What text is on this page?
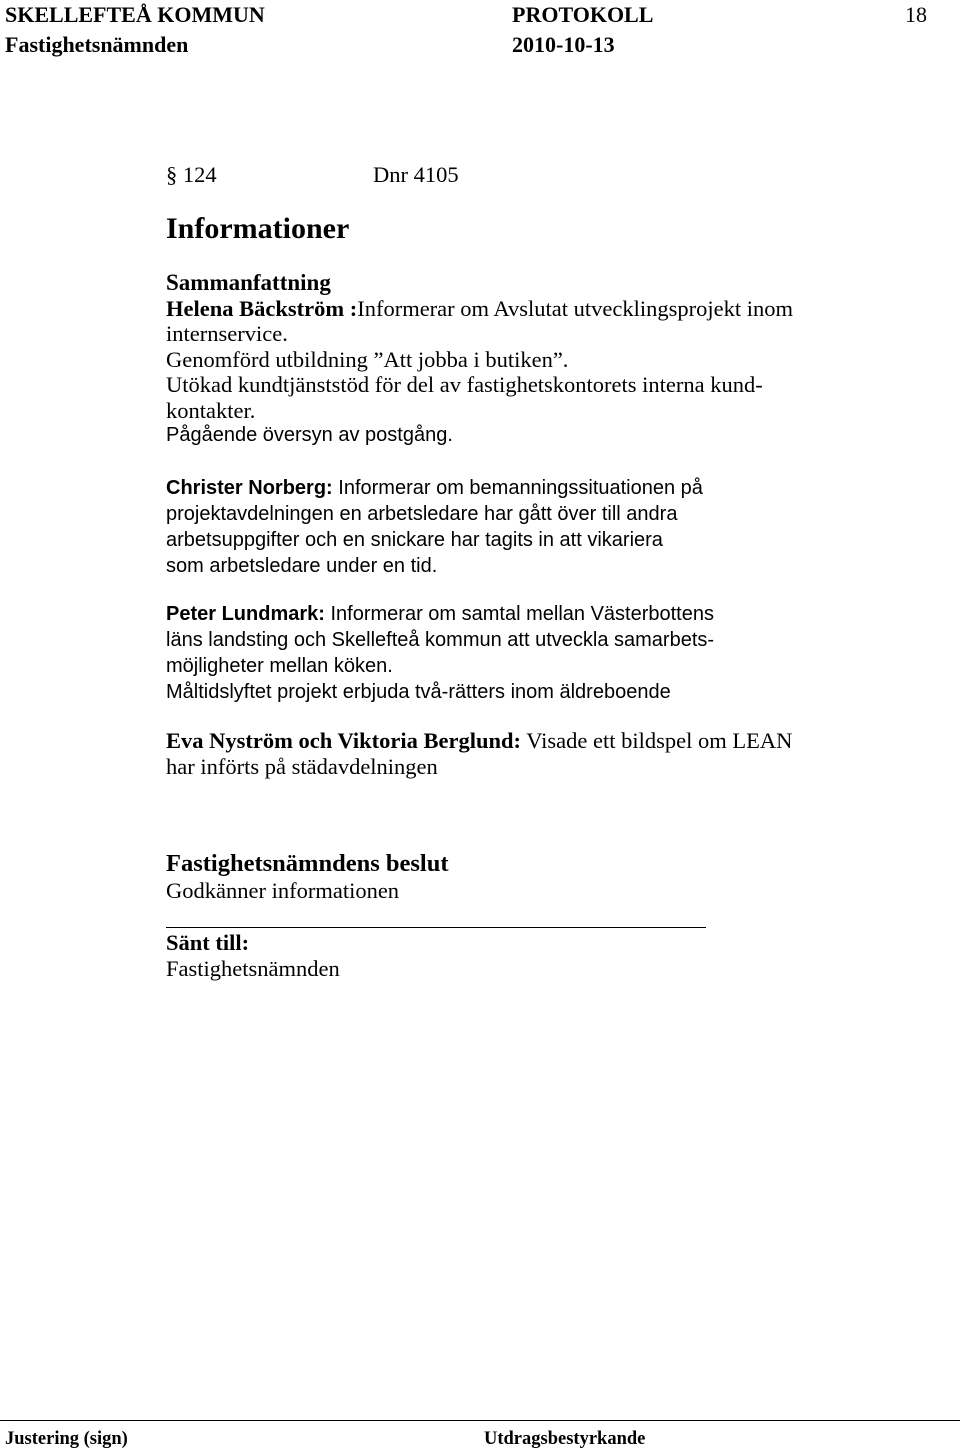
SKELLEFTEÅ KOMMUN	PROTOKOLL	18
Fastighetsnämnden	2010-10-13
§ 124	Dnr 4105
Informationer
Sammanfattning
Helena Bäckström :Informerar om Avslutat utvecklingsprojekt inom
internservice.
Genomförd utbildning ”Att jobba i butiken”.
Utökad kundtjänststöd för del av fastighetskontorets interna kund-
kontakter.
Pågående översyn av postgång.
Christer Norberg: Informerar om bemanningssituationen på
projektavdelningen en arbetsledare har gått över till andra
arbetsuppgifter och en snickare har tagits in att vikariera
som arbetsledare under en tid.
Peter Lundmark: Informerar om samtal mellan Västerbottens
läns landsting och Skellefteå kommun att utveckla samarbets-
möjligheter mellan köken.
Måltidslyftet projekt erbjuda två-rätters inom äldreboende
Eva Nyström och Viktoria Berglund: Visade ett bildspel om LEAN
har införts på städavdelningen
Fastighetsnämndens beslut
Godkänner informationen
Sänt till:
Fastighetsnämnden
Justering (sign)	Utdragsbestyrkande
